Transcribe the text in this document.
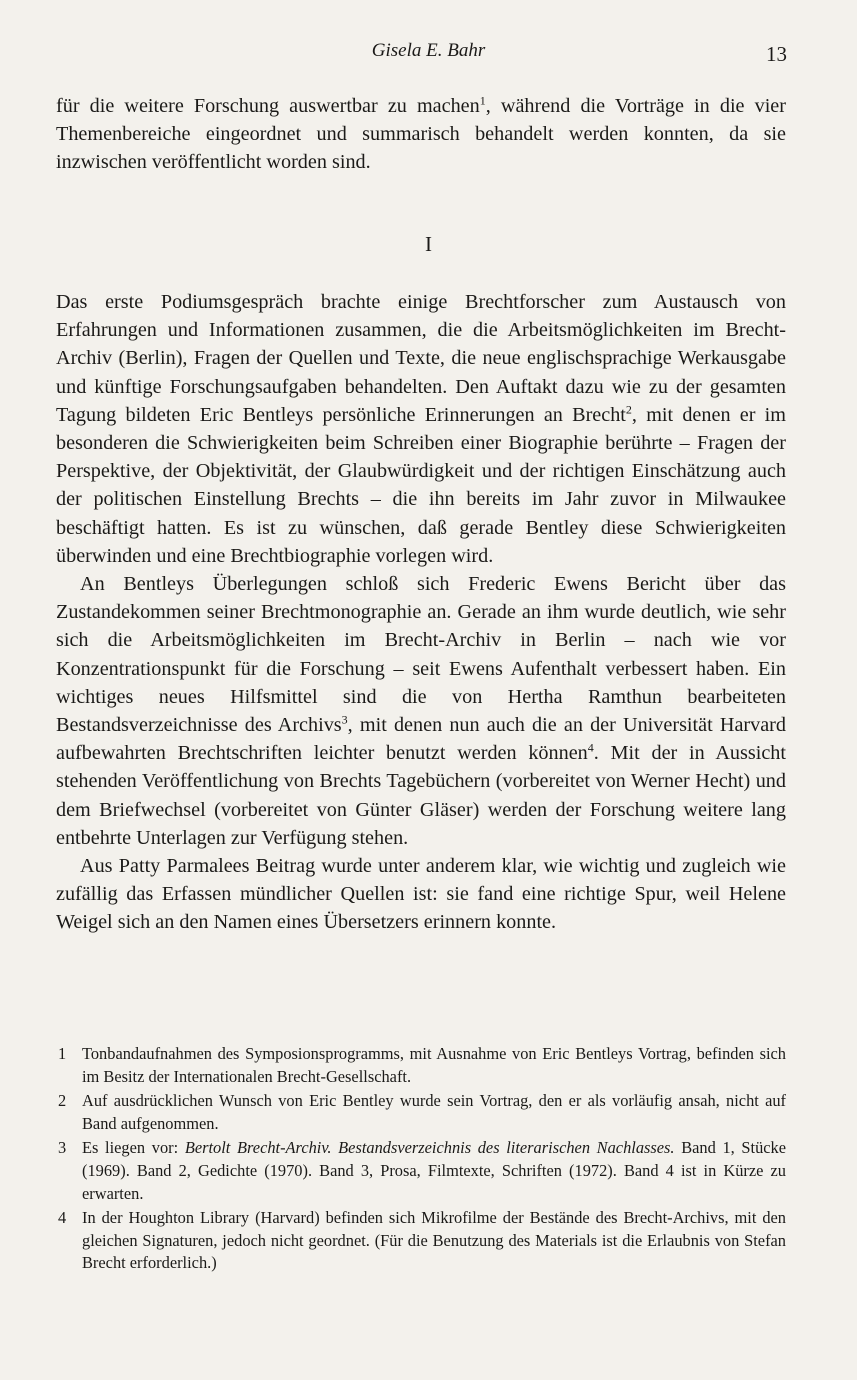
Gisela E. Bahr	13

für die weitere Forschung auswertbar zu machen$^1$, während die Vorträge in die vier Themenbereiche eingeordnet und summarisch behandelt werden konnten, da sie inzwischen veröffentlicht worden sind.

I

Das erste Podiumsgespräch brachte einige Brechtforscher zum Austausch von Erfahrungen und Informationen zusammen, die die Arbeitsmöglichkeiten im Brecht-Archiv (Berlin), Fragen der Quellen und Texte, die neue englischsprachige Werkausgabe und künftige Forschungsaufgaben behandelten. Den Auftakt dazu wie zu der gesamten Tagung bildeten Eric Bentleys persönliche Erinnerungen an Brecht$^2$, mit denen er im besonderen die Schwierigkeiten beim Schreiben einer Biographie berührte – Fragen der Perspektive, der Objektivität, der Glaubwürdigkeit und der richtigen Einschätzung auch der politischen Einstellung Brechts – die ihn bereits im Jahr zuvor in Milwaukee beschäftigt hatten. Es ist zu wünschen, daß gerade Bentley diese Schwierigkeiten überwinden und eine Brechtbiographie vorlegen wird.

An Bentleys Überlegungen schloß sich Frederic Ewens Bericht über das Zustandekommen seiner Brechtmonographie an. Gerade an ihm wurde deutlich, wie sehr sich die Arbeitsmöglichkeiten im Brecht-Archiv in Berlin – nach wie vor Konzentrationspunkt für die Forschung – seit Ewens Aufenthalt verbessert haben. Ein wichtiges neues Hilfsmittel sind die von Hertha Ramthun bearbeiteten Bestandsverzeichnisse des Archivs$^3$, mit denen nun auch die an der Universität Harvard aufbewahrten Brechtschriften leichter benutzt werden können$^4$. Mit der in Aussicht stehenden Veröffentlichung von Brechts Tagebüchern (vorbereitet von Werner Hecht) und dem Briefwechsel (vorbereitet von Günter Gläser) werden der Forschung weitere lang entbehrte Unterlagen zur Verfügung stehen.

Aus Patty Parmalees Beitrag wurde unter anderem klar, wie wichtig und zugleich wie zufällig das Erfassen mündlicher Quellen ist: sie fand eine richtige Spur, weil Helene Weigel sich an den Namen eines Übersetzers erinnern konnte.

1 Tonbandaufnahmen des Symposionsprogramms, mit Ausnahme von Eric Bentleys Vortrag, befinden sich im Besitz der Internationalen Brecht-Gesellschaft.
2 Auf ausdrücklichen Wunsch von Eric Bentley wurde sein Vortrag, den er als vorläufig ansah, nicht auf Band aufgenommen.
3 Es liegen vor: Bertolt Brecht-Archiv. Bestandsverzeichnis des literarischen Nachlasses. Band 1, Stücke (1969). Band 2, Gedichte (1970). Band 3, Prosa, Filmtexte, Schriften (1972). Band 4 ist in Kürze zu erwarten.
4 In der Houghton Library (Harvard) befinden sich Mikrofilme der Bestände des Brecht-Archivs, mit den gleichen Signaturen, jedoch nicht geordnet. (Für die Benutzung des Materials ist die Erlaubnis von Stefan Brecht erforderlich.)
